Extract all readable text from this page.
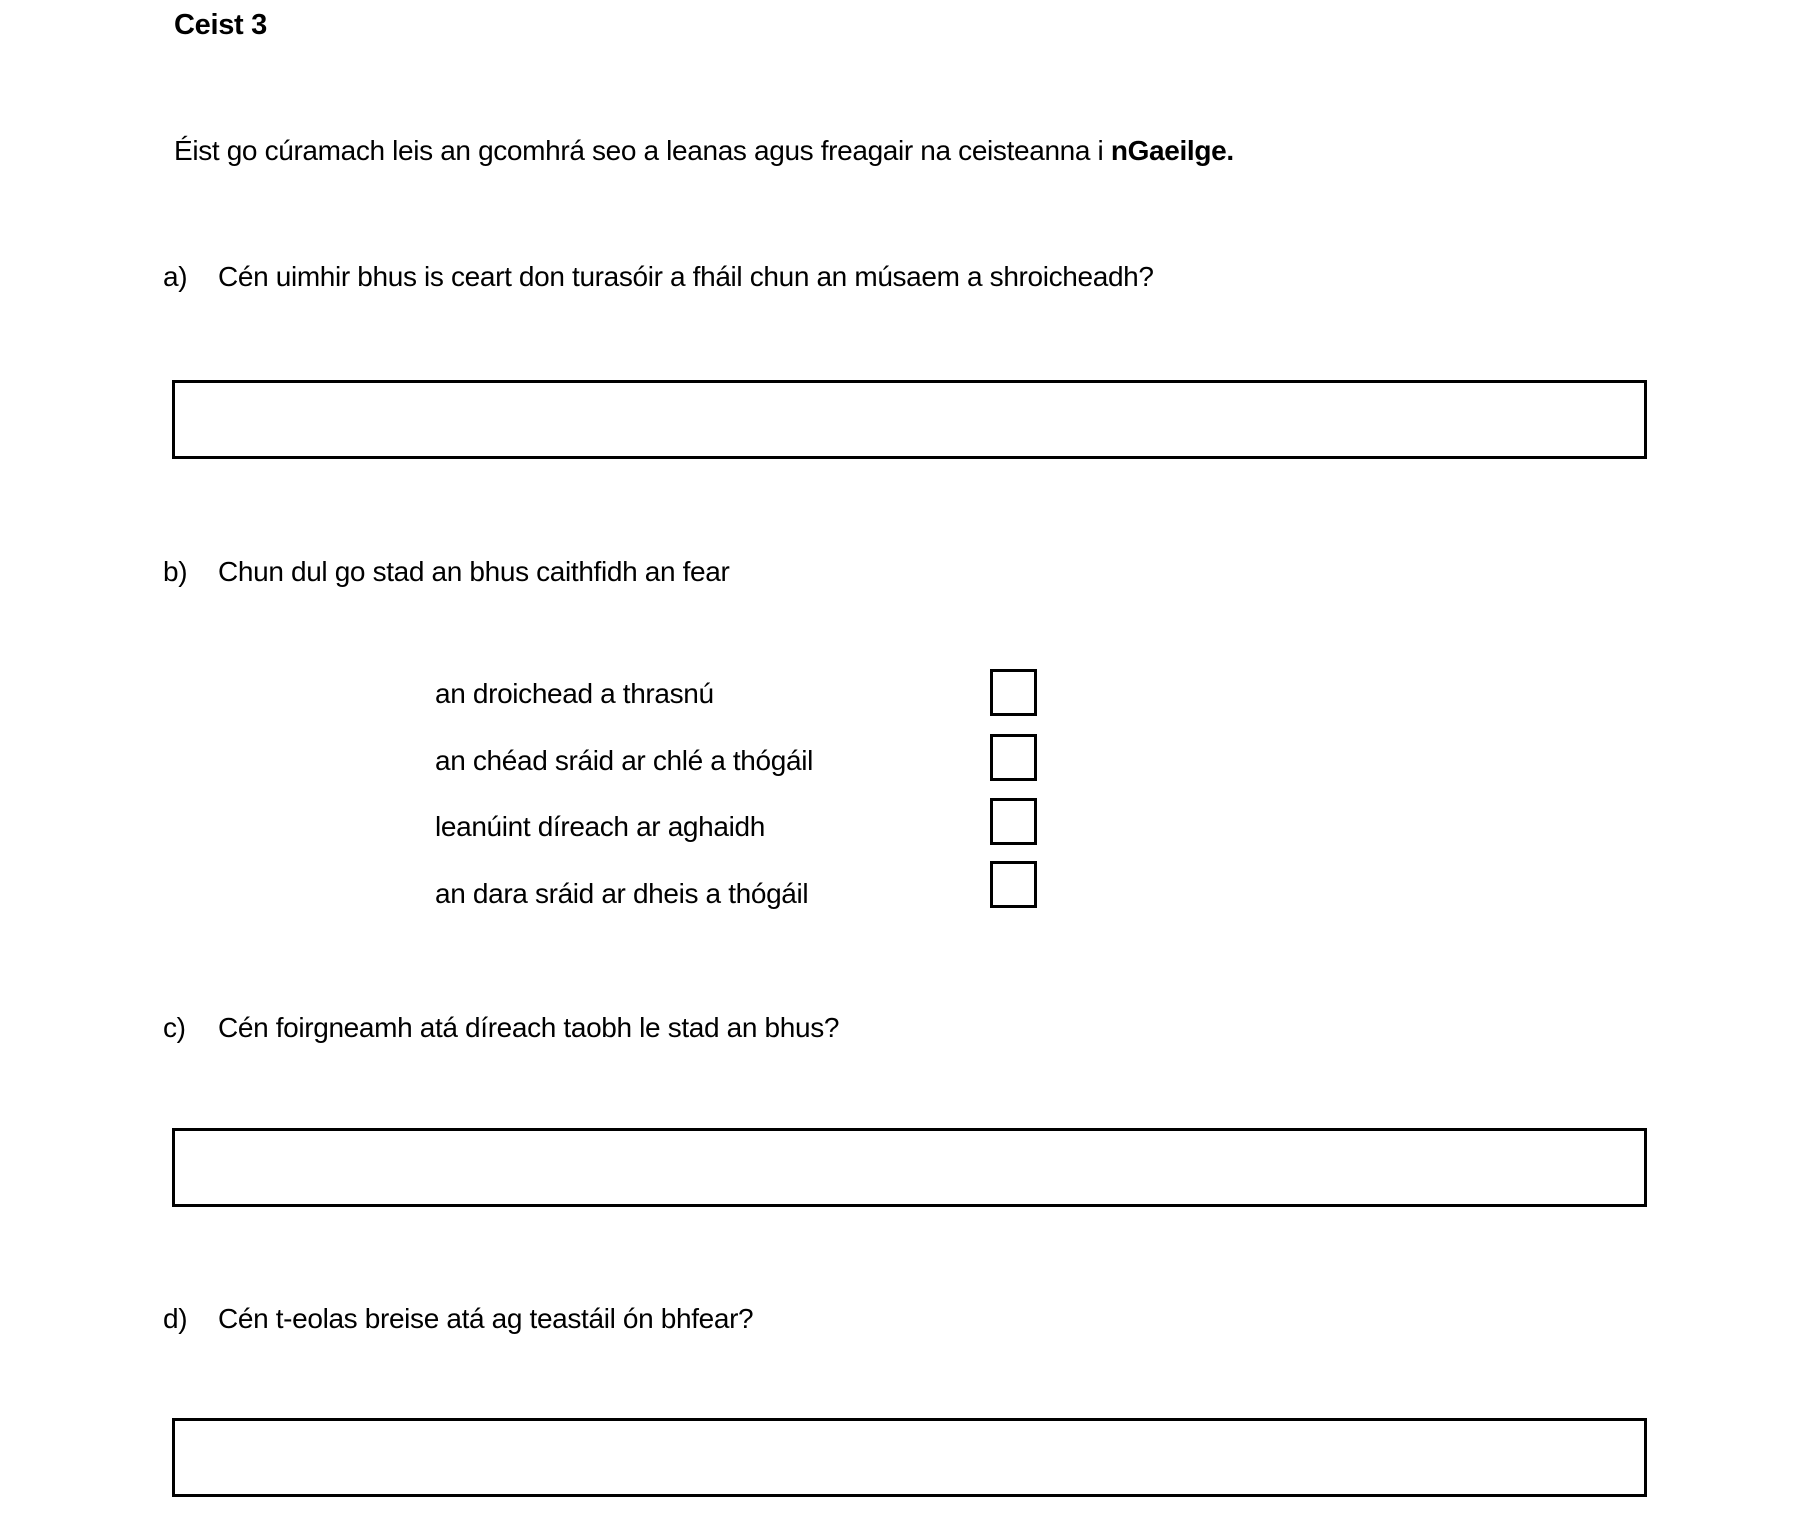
Ceist 3
Éist go cúramach leis an gcomhrá seo a leanas agus freagair na ceisteanna i nGaeilge.
a) Cén uimhir bhus is ceart don turasóir a fháil chun an músaem a shroicheadh?
b) Chun dul go stad an bhus caithfidh an fear
an droichead a thrasnú
an chéad sráid ar chlé a thógáil
leanúint díreach ar aghaidh
an dara sráid ar dheis a thógáil
c) Cén foirgneamh atá díreach taobh le stad an bhus?
d) Cén t-eolas breise atá ag teastáil ón bhfear?
